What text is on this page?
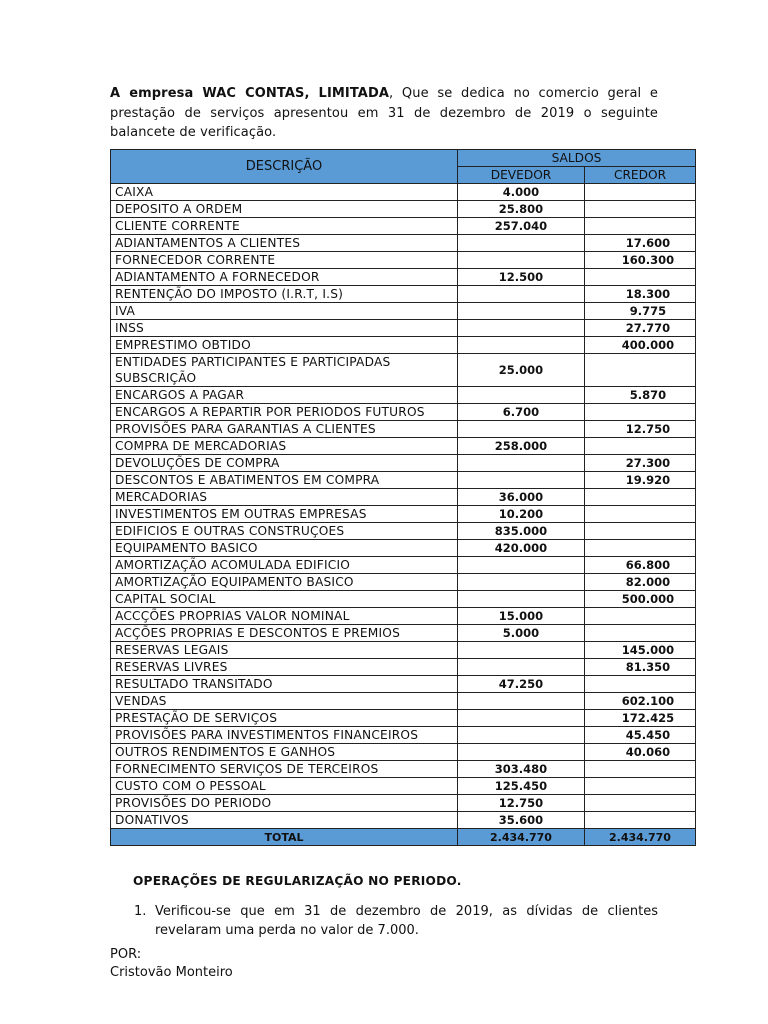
A empresa WAC CONTAS, LIMITADA, Que se dedica no comercio geral e prestação de serviços apresentou em 31 de dezembro de 2019 o seguinte balancete de verificação.

DESCRIÇÃO	SALDOS	
	DEVEDOR	CREDOR
CAIXA	4.000	
DEPOSITO A ORDEM	25.800	
CLIENTE CORRENTE	257.040	
ADIANTAMENTOS A CLIENTES		17.600
FORNECEDOR CORRENTE		160.300
ADIANTAMENTO A FORNECEDOR	12.500	
RENTENÇÃO DO IMPOSTO (I.R.T, I.S)		18.300
IVA		9.775
INSS		27.770
EMPRESTIMO OBTIDO		400.000
ENTIDADES PARTICIPANTES E PARTICIPADAS SUBSCRIÇÃO	25.000	
ENCARGOS A PAGAR		5.870
ENCARGOS A REPARTIR POR PERIODOS FUTUROS	6.700	
PROVISÕES PARA GARANTIAS A CLIENTES		12.750
COMPRA DE MERCADORIAS	258.000	
DEVOLUÇÕES DE COMPRA		27.300
DESCONTOS E ABATIMENTOS EM COMPRA		19.920
MERCADORIAS	36.000	
INVESTIMENTOS EM OUTRAS EMPRESAS	10.200	
EDIFICIOS E OUTRAS CONSTRUÇOES	835.000	
EQUIPAMENTO BASICO	420.000	
AMORTIZAÇÃO ACOMULADA EDIFICIO		66.800
AMORTIZAÇÃO EQUIPAMENTO BASICO		82.000
CAPITAL SOCIAL		500.000
ACCÇÕES PROPRIAS VALOR NOMINAL	15.000	
ACÇÕES PROPRIAS E DESCONTOS E PREMIOS	5.000	
RESERVAS LEGAIS		145.000
RESERVAS LIVRES		81.350
RESULTADO TRANSITADO	47.250	
VENDAS		602.100
PRESTAÇÃO DE SERVIÇOS		172.425
PROVISÕES PARA INVESTIMENTOS FINANCEIROS		45.450
OUTROS RENDIMENTOS E GANHOS		40.060
FORNECIMENTO SERVIÇOS DE TERCEIROS	303.480	
CUSTO COM O PESSOAL	125.450	
PROVISÕES DO PERIODO	12.750	
DONATIVOS	35.600	
TOTAL	2.434.770	2.434.770
OPERAÇÕES DE REGULARIZAÇÃO NO PERIODO.
1. Verificou-se que em 31 de dezembro de 2019, as dívidas de clientes revelaram uma perda no valor de 7.000.
POR:
Cristovão Monteiro
